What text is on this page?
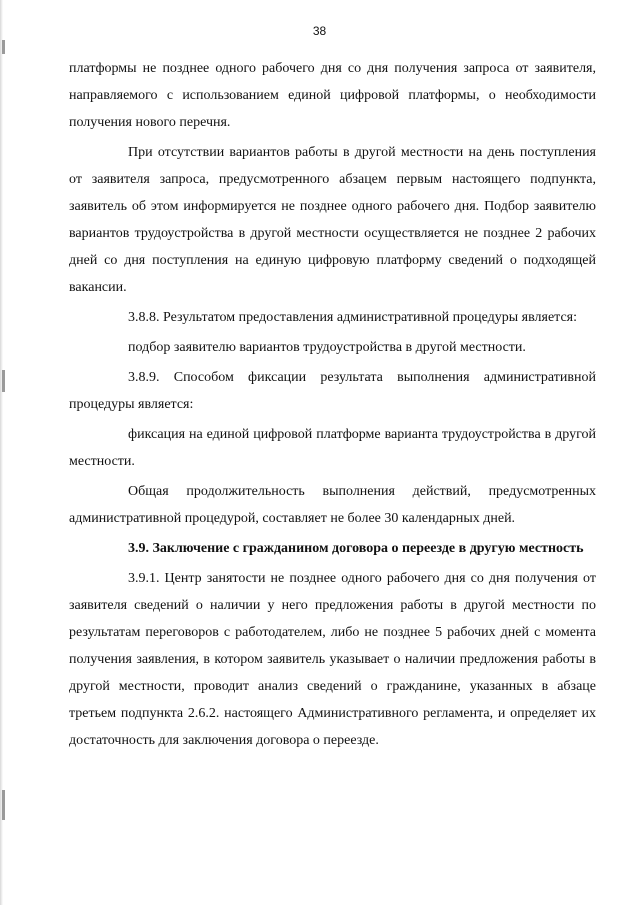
38

платформы не позднее одного рабочего дня со дня получения запроса от заявителя, направляемого с использованием единой цифровой платформы, о необходимости получения нового перечня.

При отсутствии вариантов работы в другой местности на день поступления от заявителя запроса, предусмотренного абзацем первым настоящего подпункта, заявитель об этом информируется не позднее одного рабочего дня. Подбор заявителю вариантов трудоустройства в другой местности осуществляется не позднее 2 рабочих дней со дня поступления на единую цифровую платформу сведений о подходящей вакансии.

3.8.8. Результатом предоставления административной процедуры является:

подбор заявителю вариантов трудоустройства в другой местности.

3.8.9. Способом фиксации результата выполнения административной процедуры является:

фиксация на единой цифровой платформе варианта трудоустройства в другой местности.

Общая продолжительность выполнения действий, предусмотренных административной процедурой, составляет не более 30 календарных дней.

3.9. Заключение с гражданином договора о переезде в другую местность

3.9.1. Центр занятости не позднее одного рабочего дня со дня получения от заявителя сведений о наличии у него предложения работы в другой местности по результатам переговоров с работодателем, либо не позднее 5 рабочих дней с момента получения заявления, в котором заявитель указывает о наличии предложения работы в другой местности, проводит анализ сведений о гражданине, указанных в абзаце третьем подпункта 2.6.2. настоящего Административного регламента, и определяет их достаточность для заключения договора о переезде.
